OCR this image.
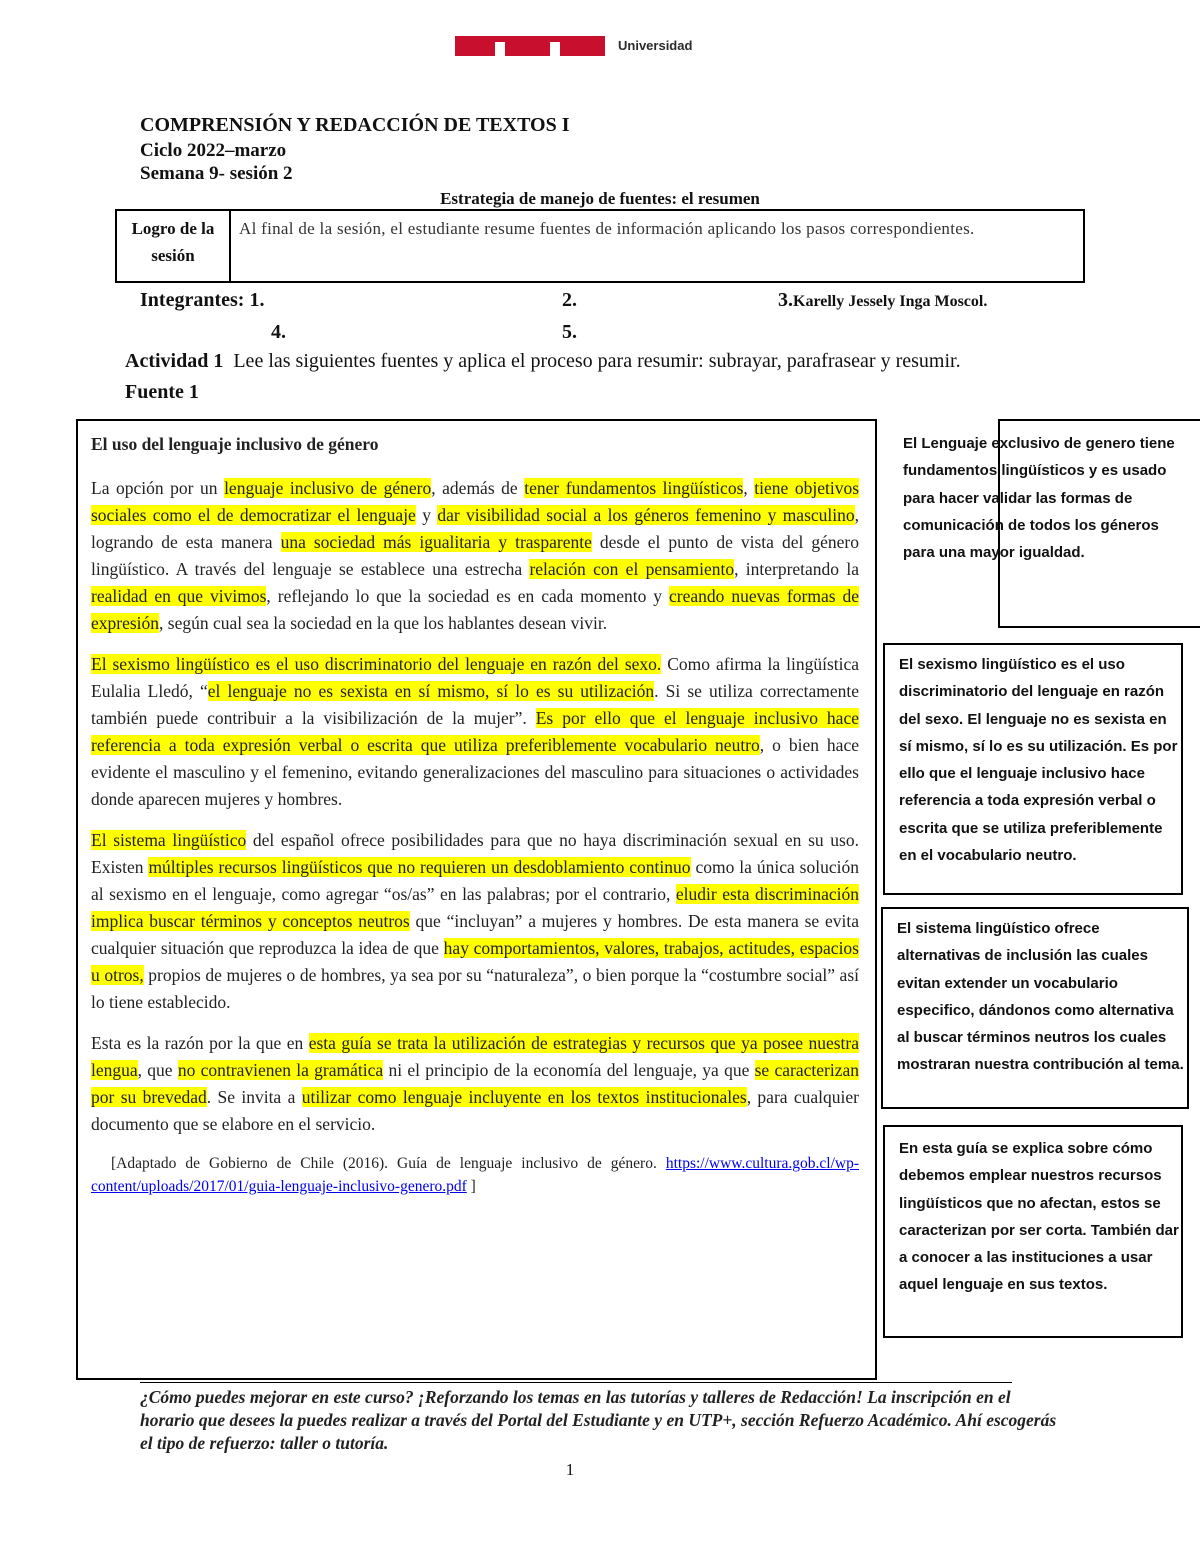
Universidad
COMPRENSIÓN Y REDACCIÓN DE TEXTOS I
Ciclo 2022–marzo
Semana 9- sesión 2
Estrategia de manejo de fuentes: el resumen
Logro de la sesión	Al final de la sesión, el estudiante resume fuentes de información aplicando los pasos correspondientes.
Integrantes: 1.	2.	3.Karelly Jessely Inga Moscol.
4.	5.
Actividad 1 Lee las siguientes fuentes y aplica el proceso para resumir: subrayar, parafrasear y resumir.
Fuente 1

El uso del lenguaje inclusivo de género

La opción por un lenguaje inclusivo de género, además de tener fundamentos lingüísticos, tiene objetivos sociales como el de democratizar el lenguaje y dar visibilidad social a los géneros femenino y masculino, logrando de esta manera una sociedad más igualitaria y trasparente desde el punto de vista del género lingüístico. A través del lenguaje se establece una estrecha relación con el pensamiento, interpretando la realidad en que vivimos, reflejando lo que la sociedad es en cada momento y creando nuevas formas de expresión, según cual sea la sociedad en la que los hablantes desean vivir.

El sexismo lingüístico es el uso discriminatorio del lenguaje en razón del sexo. Como afirma la lingüística Eulalia Lledó, “el lenguaje no es sexista en sí mismo, sí lo es su utilización. Si se utiliza correctamente también puede contribuir a la visibilización de la mujer”. Es por ello que el lenguaje inclusivo hace referencia a toda expresión verbal o escrita que utiliza preferiblemente vocabulario neutro, o bien hace evidente el masculino y el femenino, evitando generalizaciones del masculino para situaciones o actividades donde aparecen mujeres y hombres.

El sistema lingüístico del español ofrece posibilidades para que no haya discriminación sexual en su uso. Existen múltiples recursos lingüísticos que no requieren un desdoblamiento continuo como la única solución al sexismo en el lenguaje, como agregar “os/as” en las palabras; por el contrario, eludir esta discriminación implica buscar términos y conceptos neutros que “incluyan” a mujeres y hombres. De esta manera se evita cualquier situación que reproduzca la idea de que hay comportamientos, valores, trabajos, actitudes, espacios u otros, propios de mujeres o de hombres, ya sea por su “naturaleza”, o bien porque la “costumbre social” así lo tiene establecido.

Esta es la razón por la que en esta guía se trata la utilización de estrategias y recursos que ya posee nuestra lengua, que no contravienen la gramática ni el principio de la economía del lenguaje, ya que se caracterizan por su brevedad. Se invita a utilizar como lenguaje incluyente en los textos institucionales, para cualquier documento que se elabore en el servicio.

[Adaptado de Gobierno de Chile (2016). Guía de lenguaje inclusivo de género. https://www.cultura.gob.cl/wp-content/uploads/2017/01/guia-lenguaje-inclusivo-genero.pdf ]

El Lenguaje exclusivo de genero tiene fundamentos lingüísticos y es usado para hacer validar las formas de comunicación de todos los géneros para una mayor igualdad.
El sexismo lingüístico es el uso discriminatorio del lenguaje en razón del sexo. El lenguaje no es sexista en sí mismo, sí lo es su utilización. Es por ello que el lenguaje inclusivo hace referencia a toda expresión verbal o escrita que se utiliza preferiblemente en el vocabulario neutro.
El sistema lingüístico ofrece alternativas de inclusión las cuales evitan extender un vocabulario especifico, dándonos como alternativa al buscar términos neutros los cuales mostraran nuestra contribución al tema.
En esta guía se explica sobre cómo debemos emplear nuestros recursos lingüísticos que no afectan, estos se caracterizan por ser corta. También dar a conocer a las instituciones a usar aquel lenguaje en sus textos.
¿Cómo puedes mejorar en este curso? ¡Reforzando los temas en las tutorías y talleres de Redacción! La inscripción en el horario que desees la puedes realizar a través del Portal del Estudiante y en UTP+, sección Refuerzo Académico. Ahí escogerás el tipo de refuerzo: taller o tutoría.
1
